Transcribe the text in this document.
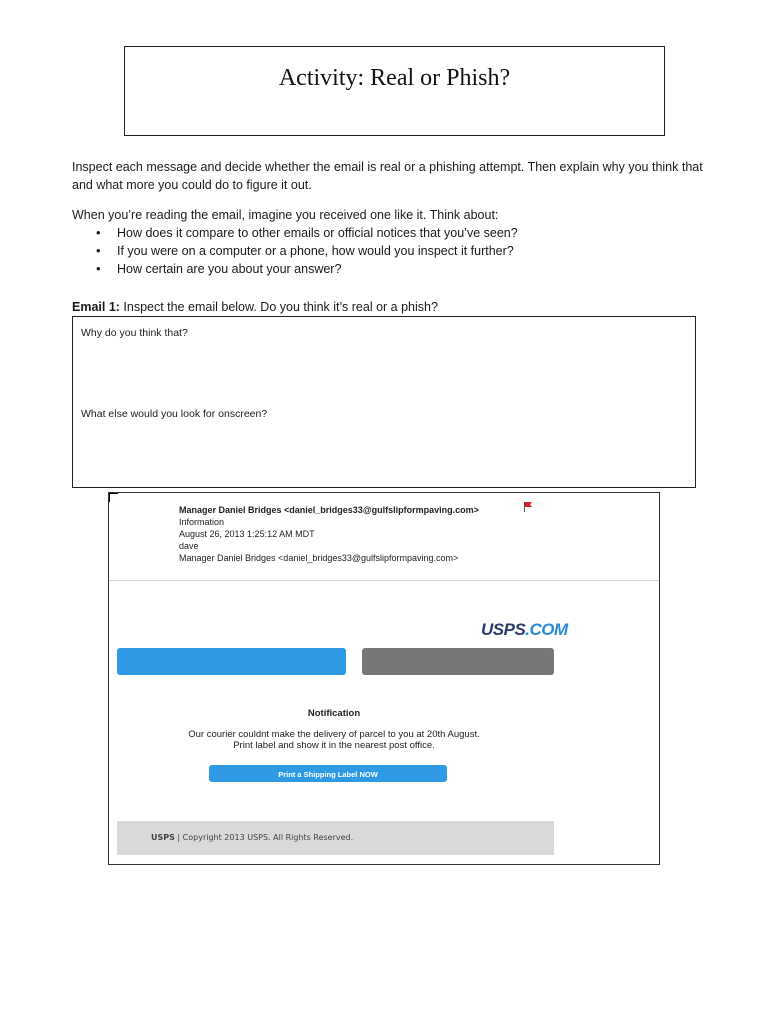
Activity: Real or Phish?
Inspect each message and decide whether the email is real or a phishing attempt. Then explain why you think that and what more you could do to figure it out.
When you’re reading the email, imagine you received one like it. Think about:
• How does it compare to other emails or official notices that you’ve seen?
• If you were on a computer or a phone, how would you inspect it further?
• How certain are you about your answer?
Email 1: Inspect the email below. Do you think it’s real or a phish?
Why do you think that?
What else would you look for onscreen?
Manager Daniel Bridges <daniel_bridges33@gulfslipformpaving.com>
Information
August 26, 2013 1:25:12 AM MDT
dave
Manager Daniel Bridges <daniel_bridges33@gulfslipformpaving.com>
USPS.COM
Notification
Our courier couldnt make the delivery of parcel to you at 20th August.
Print label and show it in the nearest post office.
Print a Shipping Label NOW
USPS | Copyright 2013 USPS. All Rights Reserved.
